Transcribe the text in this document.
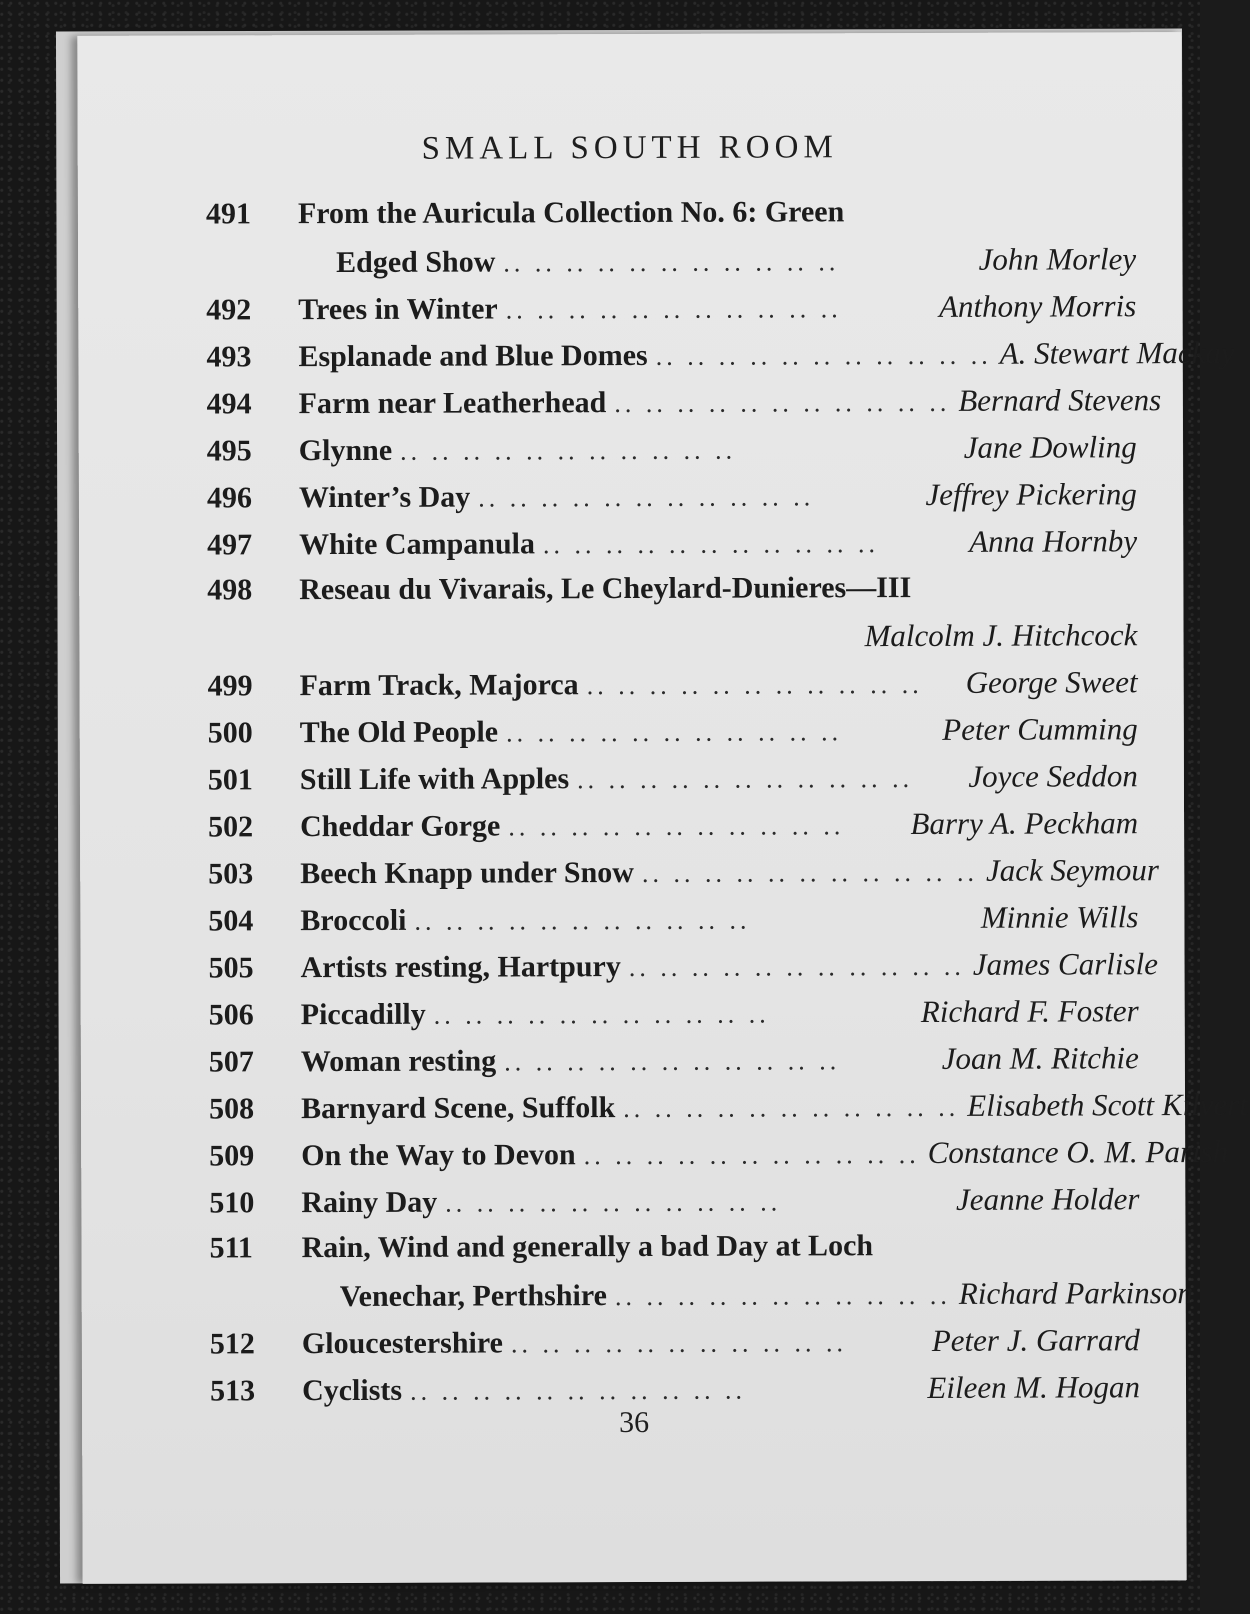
SMALL SOUTH ROOM
491	From the Auricula Collection No. 6: Green
Edged Show .. .. .. .. .. .. .. .. .. .. ..	John Morley
492	Trees in Winter .. .. .. .. .. .. .. .. .. .. ..	Anthony Morris
493	Esplanade and Blue Domes .. .. .. .. .. .. .. .. .. .. .. A. Stewart Mackay
494	Farm near Leatherhead .. .. .. .. .. .. .. .. .. .. .. Bernard Stevens
495	Glynne .. .. .. .. .. .. .. .. .. .. ..	Jane Dowling
496	Winter’s Day .. .. .. .. .. .. .. .. .. .. ..	Jeffrey Pickering
497	White Campanula .. .. .. .. .. .. .. .. .. .. ..	Anna Hornby
498	Reseau du Vivarais, Le Cheylard-Dunieres—III
Malcolm J. Hitchcock
499	Farm Track, Majorca .. .. .. .. .. .. .. .. .. .. ..	George Sweet
500	The Old People .. .. .. .. .. .. .. .. .. .. ..	Peter Cumming
501	Still Life with Apples .. .. .. .. .. .. .. .. .. .. ..	Joyce Seddon
502	Cheddar Gorge .. .. .. .. .. .. .. .. .. .. ..	Barry A. Peckham
503	Beech Knapp under Snow .. .. .. .. .. .. .. .. .. .. .. Jack Seymour
504	Broccoli .. .. .. .. .. .. .. .. .. .. ..	Minnie Wills
505	Artists resting, Hartpury .. .. .. .. .. .. .. .. .. .. .. James Carlisle
506	Piccadilly .. .. .. .. .. .. .. .. .. .. ..	Richard F. Foster
507	Woman resting .. .. .. .. .. .. .. .. .. .. ..	Joan M. Ritchie
508	Barnyard Scene, Suffolk .. .. .. .. .. .. .. .. .. .. .. Elisabeth Scott Kilvert
509	On the Way to Devon .. .. .. .. .. .. .. .. .. .. .. Constance O. M. Parish
510	Rainy Day .. .. .. .. .. .. .. .. .. .. ..	Jeanne Holder
511	Rain, Wind and generally a bad Day at Loch
Venechar, Perthshire .. .. .. .. .. .. .. .. .. .. .. Richard Parkinson
512	Gloucestershire .. .. .. .. .. .. .. .. .. .. ..	Peter J. Garrard
513	Cyclists .. .. .. .. .. .. .. .. .. .. ..	Eileen M. Hogan
36
